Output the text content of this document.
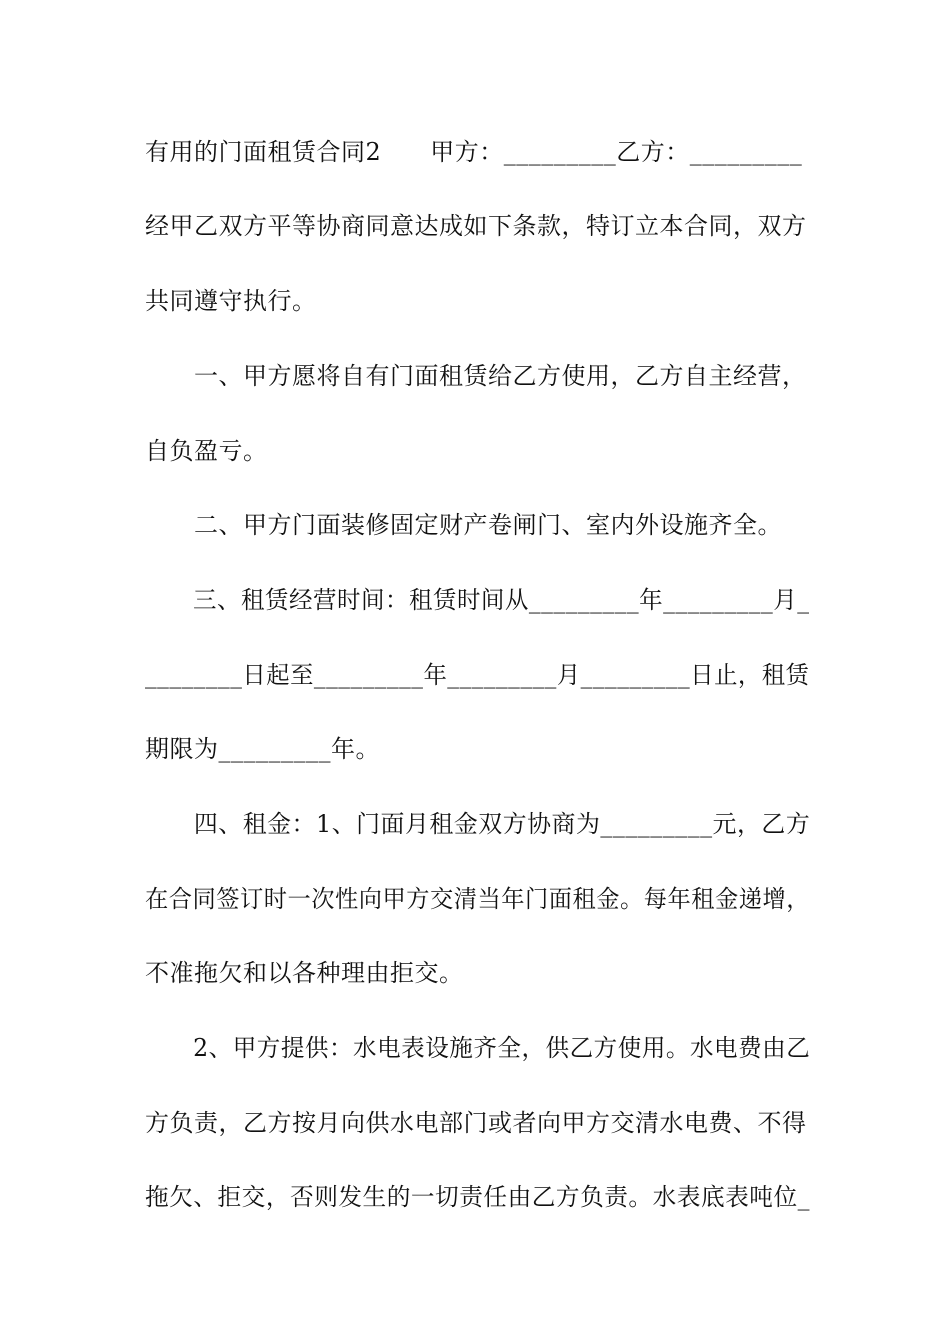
有用的门面租赁合同2　　甲方：_________乙方：_________
经甲乙双方平等协商同意达成如下条款，特订立本合同，双方
共同遵守执行。
　　一、甲方愿将自有门面租赁给乙方使用，乙方自主经营，
自负盈亏。
　　二、甲方门面装修固定财产卷闸门、室内外设施齐全。
　　三、租赁经营时间：租赁时间从_________年_________月_
________日起至_________年_________月_________日止，租赁
期限为_________年。
　　四、租金：1、门面月租金双方协商为_________元，乙方
在合同签订时一次性向甲方交清当年门面租金。每年租金递增，
不准拖欠和以各种理由拒交。
　　2、甲方提供：水电表设施齐全，供乙方使用。水电费由乙
方负责，乙方按月向供水电部门或者向甲方交清水电费、不得
拖欠、拒交，否则发生的一切责任由乙方负责。水表底表吨位_
